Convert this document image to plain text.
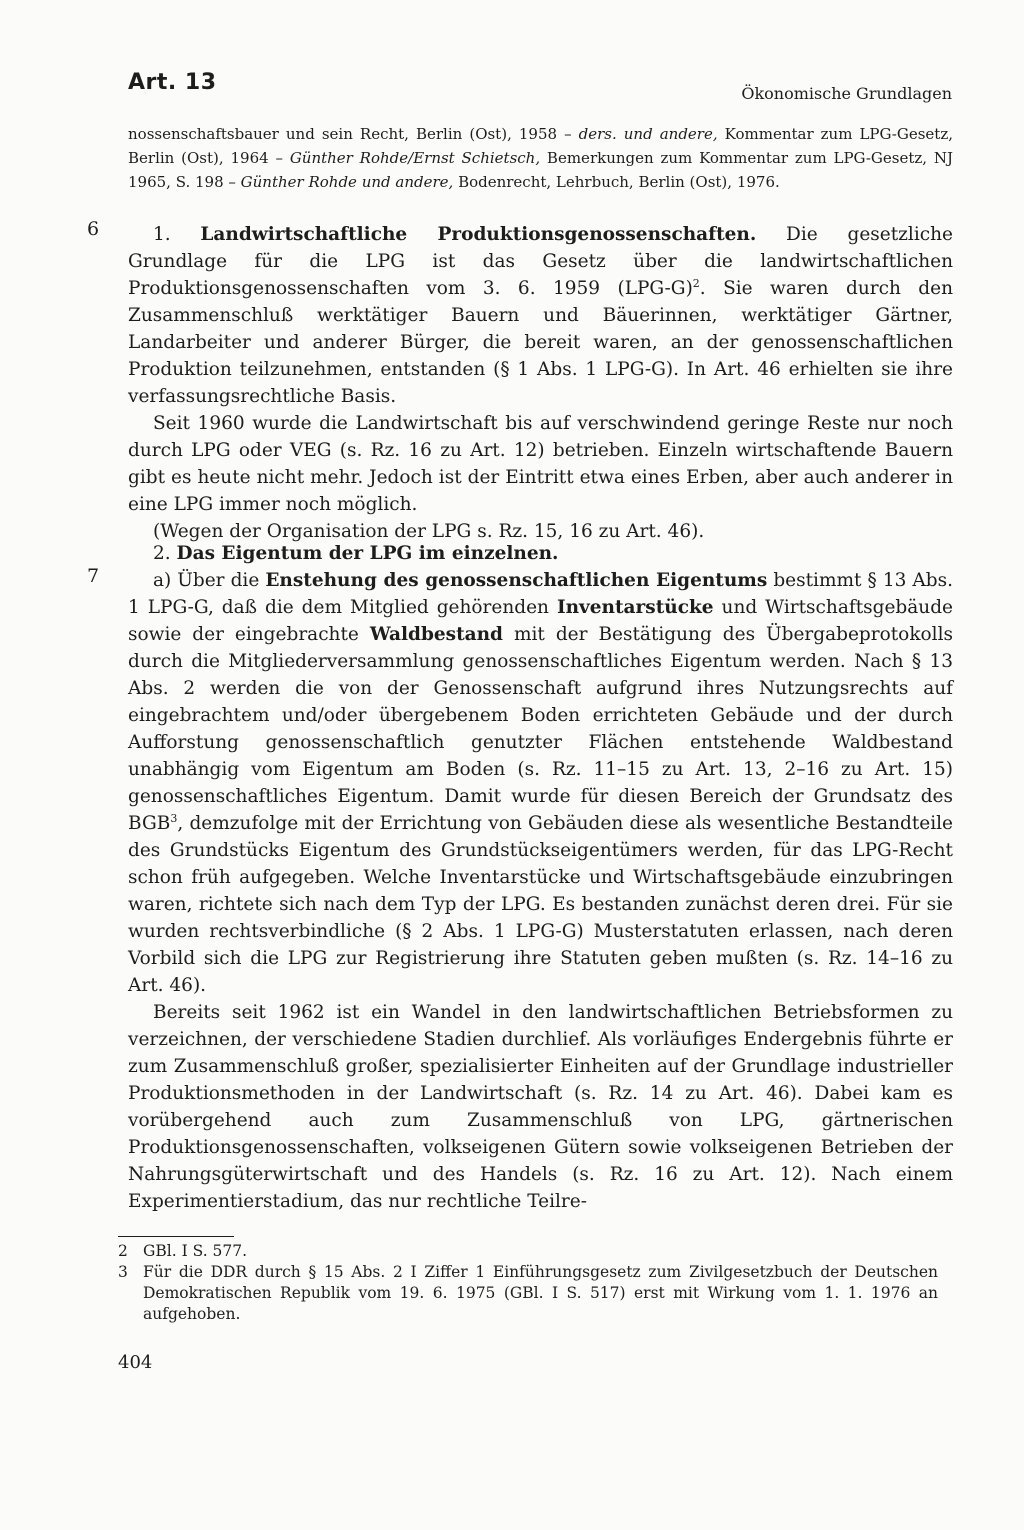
Art. 13	Ökonomische Grundlagen
nossenschaftsbauer und sein Recht, Berlin (Ost), 1958 – ders. und andere, Kommentar zum LPG-Gesetz, Berlin (Ost), 1964 – Günther Rohde/Ernst Schietsch, Bemerkungen zum Kommentar zum LPG-Gesetz, NJ 1965, S. 198 – Günther Rohde und andere, Bodenrecht, Lehrbuch, Berlin (Ost), 1976.
6	1. Landwirtschaftliche Produktionsgenossenschaften. Die gesetzliche Grundlage für die LPG ist das Gesetz über die landwirtschaftlichen Produktionsgenossenschaften vom 3. 6. 1959 $(LPG-G)^2$. Sie waren durch den Zusammenschluß werktätiger Bauern und Bäuerinnen, werktätiger Gärtner, Landarbeiter und anderer Bürger, die bereit waren, an der genossenschaftlichen Produktion teilzunehmen, entstanden (§ 1 Abs. 1 LPG-G). In Art. 46 erhielten sie ihre verfassungsrechtliche Basis.

Seit 1960 wurde die Landwirtschaft bis auf verschwindend geringe Reste nur noch durch LPG oder VEG (s. Rz. 16 zu Art. 12) betrieben. Einzeln wirtschaftende Bauern gibt es heute nicht mehr. Jedoch ist der Eintritt etwa eines Erben, aber auch anderer in eine LPG immer noch möglich.

(Wegen der Organisation der LPG s. Rz. 15, 16 zu Art. 46).

7

2. Das Eigentum der LPG im einzelnen.

a) Über die Enstehung des genossenschaftlichen Eigentums bestimmt § 13 Abs. 1 LPG-G, daß die dem Mitglied gehörenden Inventarstücke und Wirtschaftsgebäude sowie der eingebrachte Waldbestand mit der Bestätigung des Übergabeprotokolls durch die Mitgliederversammlung genossenschaftliches Eigentum werden. Nach § 13 Abs. 2 werden die von der Genossenschaft aufgrund ihres Nutzungsrechts auf eingebrachtem und/oder übergebenem Boden errichteten Gebäude und der durch Aufforstung genossenschaftlich genutzter Flächen entstehende Waldbestand unabhängig vom Eigentum am Boden (s. Rz. 11–15 zu Art. 13, 2–16 zu Art. 15) genossenschaftliches Eigentum. Damit wurde für diesen Bereich der Grundsatz des BGB$^3$, demzufolge mit der Errichtung von Gebäuden diese als wesentliche Bestandteile des Grundstücks Eigentum des Grundstückseigentümers werden, für das LPG-Recht schon früh aufgegeben. Welche Inventarstücke und Wirtschaftsgebäude einzubringen waren, richtete sich nach dem Typ der LPG. Es bestanden zunächst deren drei. Für sie wurden rechtsverbindliche (§ 2 Abs. 1 LPG-G) Musterstatuten erlassen, nach deren Vorbild sich die LPG zur Registrierung ihre Statuten geben mußten (s. Rz. 14–16 zu Art. 46).

Bereits seit 1962 ist ein Wandel in den landwirtschaftlichen Betriebsformen zu verzeichnen, der verschiedene Stadien durchlief. Als vorläufiges Endergebnis führte er zum Zusammenschluß großer, spezialisierter Einheiten auf der Grundlage industrieller Produktionsmethoden in der Landwirtschaft (s. Rz. 14 zu Art. 46). Dabei kam es vorübergehend auch zum Zusammenschluß von LPG, gärtnerischen Produktionsgenossenschaften, volkseigenen Gütern sowie volkseigenen Betrieben der Nahrungsgüterwirtschaft und des Handels (s. Rz. 16 zu Art. 12). Nach einem Experimentierstadium, das nur rechtliche Teilre-

2 GBl. I S. 577.
3 Für die DDR durch § 15 Abs. 2 I Ziffer 1 Einführungsgesetz zum Zivilgesetzbuch der Deutschen Demokratischen Republik vom 19. 6. 1975 (GBl. I S. 517) erst mit Wirkung vom 1. 1. 1976 an aufgehoben.
404
